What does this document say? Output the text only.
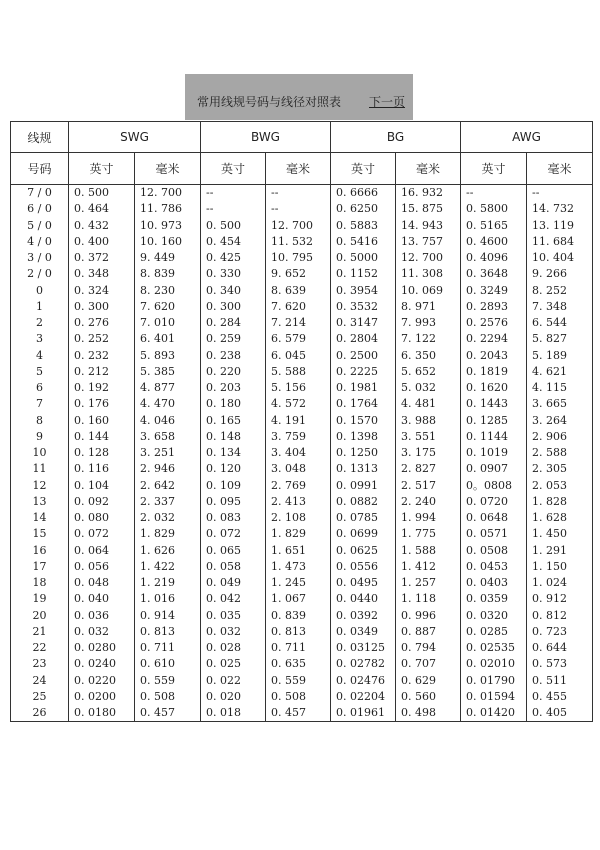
常用线规号码与线径对照表 下一页
线规	SWG		BWG		BG		AWG	
号码	英寸	毫米	英寸	毫米	英寸	毫米	英寸	毫米
7 / 0	0. 500	12. 700	--	--	0. 6666	16. 932	--	--
6 / 0	0. 464	11. 786	--	--	0. 6250	15. 875	0. 5800	14. 732
5 / 0	0. 432	10. 973	0. 500	12. 700	0. 5883	14. 943	0. 5165	13. 119
4 / 0	0. 400	10. 160	0. 454	11. 532	0. 5416	13. 757	0. 4600	11. 684
3 / 0	0. 372	9. 449	0. 425	10. 795	0. 5000	12. 700	0. 4096	10. 404
2 / 0	0. 348	8. 839	0. 330	9. 652	0. 1152	11. 308	0. 3648	9. 266
0	0. 324	8. 230	0. 340	8. 639	0. 3954	10. 069	0. 3249	8. 252
1	0. 300	7. 620	0. 300	7. 620	0. 3532	8. 971	0. 2893	7. 348
2	0. 276	7. 010	0. 284	7. 214	0. 3147	7. 993	0. 2576	6. 544
3	0. 252	6. 401	0. 259	6. 579	0. 2804	7. 122	0. 2294	5. 827
4	0. 232	5. 893	0. 238	6. 045	0. 2500	6. 350	0. 2043	5. 189
5	0. 212	5. 385	0. 220	5. 588	0. 2225	5. 652	0. 1819	4. 621
6	0. 192	4. 877	0. 203	5. 156	0. 1981	5. 032	0. 1620	4. 115
7	0. 176	4. 470	0. 180	4. 572	0. 1764	4. 481	0. 1443	3. 665
8	0. 160	4. 046	0. 165	4. 191	0. 1570	3. 988	0. 1285	3. 264
9	0. 144	3. 658	0. 148	3. 759	0. 1398	3. 551	0. 1144	2. 906
10	0. 128	3. 251	0. 134	3. 404	0. 1250	3. 175	0. 1019	2. 588
11	0. 116	2. 946	0. 120	3. 048	0. 1313	2. 827	0. 0907	2. 305
12	0. 104	2. 642	0. 109	2. 769	0. 0991	2. 517	0。0808	2. 053
13	0. 092	2. 337	0. 095	2. 413	0. 0882	2. 240	0. 0720	1. 828
14	0. 080	2. 032	0. 083	2. 108	0. 0785	1. 994	0. 0648	1. 628
15	0. 072	1. 829	0. 072	1. 829	0. 0699	1. 775	0. 0571	1. 450
16	0. 064	1. 626	0. 065	1. 651	0. 0625	1. 588	0. 0508	1. 291
17	0. 056	1. 422	0. 058	1. 473	0. 0556	1. 412	0. 0453	1. 150
18	0. 048	1. 219	0. 049	1. 245	0. 0495	1. 257	0. 0403	1. 024
19	0. 040	1. 016	0. 042	1. 067	0. 0440	1. 118	0. 0359	0. 912
20	0. 036	0. 914	0. 035	0. 839	0. 0392	0. 996	0. 0320	0. 812
21	0. 032	0. 813	0. 032	0. 813	0. 0349	0. 887	0. 0285	0. 723
22	0. 0280	0. 711	0. 028	0. 711	0. 03125	0. 794	0. 02535	0. 644
23	0. 0240	0. 610	0. 025	0. 635	0. 02782	0. 707	0. 02010	0. 573
24	0. 0220	0. 559	0. 022	0. 559	0. 02476	0. 629	0. 01790	0. 511
25	0. 0200	0. 508	0. 020	0. 508	0. 02204	0. 560	0. 01594	0. 455
26	0. 0180	0. 457	0. 018	0. 457	0. 01961	0. 498	0. 01420	0. 405
